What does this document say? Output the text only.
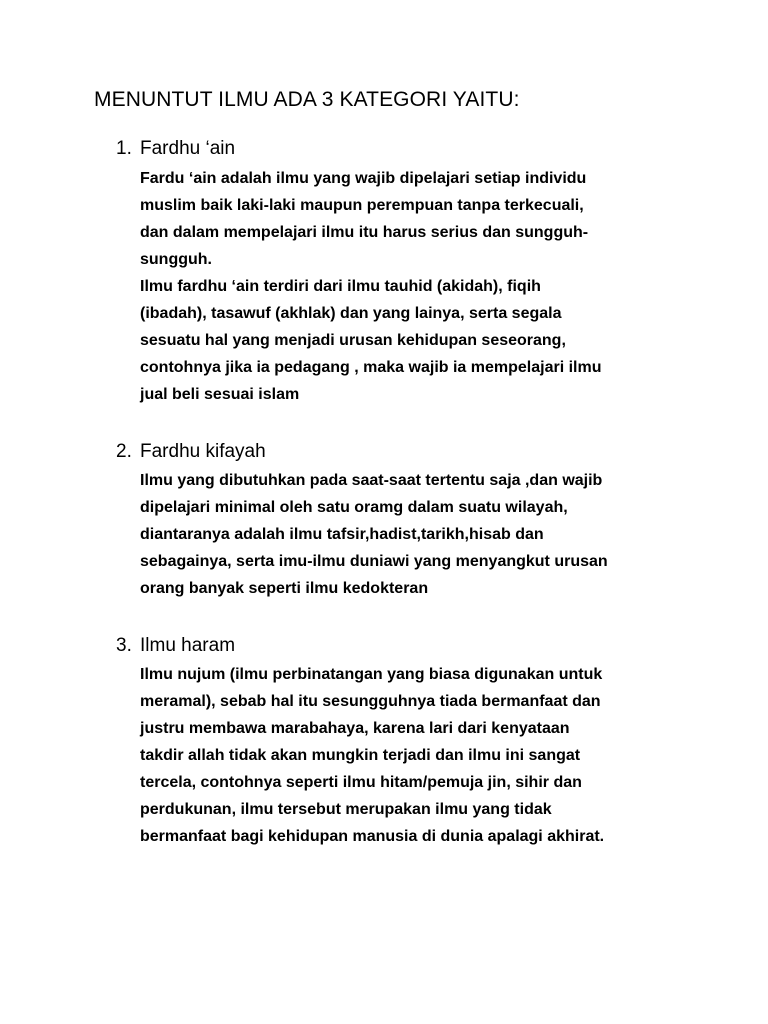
MENUNTUT ILMU ADA 3 KATEGORI YAITU:
1. Fardhu ‘ain

Fardu ‘ain adalah ilmu yang wajib dipelajari setiap individu
muslim baik laki-laki maupun perempuan tanpa terkecuali,
dan dalam mempelajari ilmu itu harus serius dan sungguh-
sungguh.

Ilmu fardhu ‘ain terdiri dari ilmu tauhid (akidah), fiqih
(ibadah), tasawuf (akhlak) dan yang lainya, serta segala
sesuatu hal yang menjadi urusan kehidupan seseorang,
contohnya jika ia pedagang , maka wajib ia mempelajari ilmu
jual beli sesuai islam

2. Fardhu kifayah

Ilmu yang dibutuhkan pada saat-saat tertentu saja ,dan wajib
dipelajari minimal oleh satu oramg dalam suatu wilayah,
diantaranya adalah ilmu tafsir,hadist,tarikh,hisab dan
sebagainya, serta imu-ilmu duniawi yang menyangkut urusan
orang banyak seperti ilmu kedokteran

3. Ilmu haram

Ilmu nujum (ilmu perbinatangan yang biasa digunakan untuk
meramal), sebab hal itu sesungguhnya tiada bermanfaat dan
justru membawa marabahaya, karena lari dari kenyataan
takdir allah tidak akan mungkin terjadi dan ilmu ini sangat
tercela, contohnya seperti ilmu hitam/pemuja jin, sihir dan
perdukunan, ilmu tersebut merupakan ilmu yang tidak
bermanfaat bagi kehidupan manusia di dunia apalagi akhirat.
